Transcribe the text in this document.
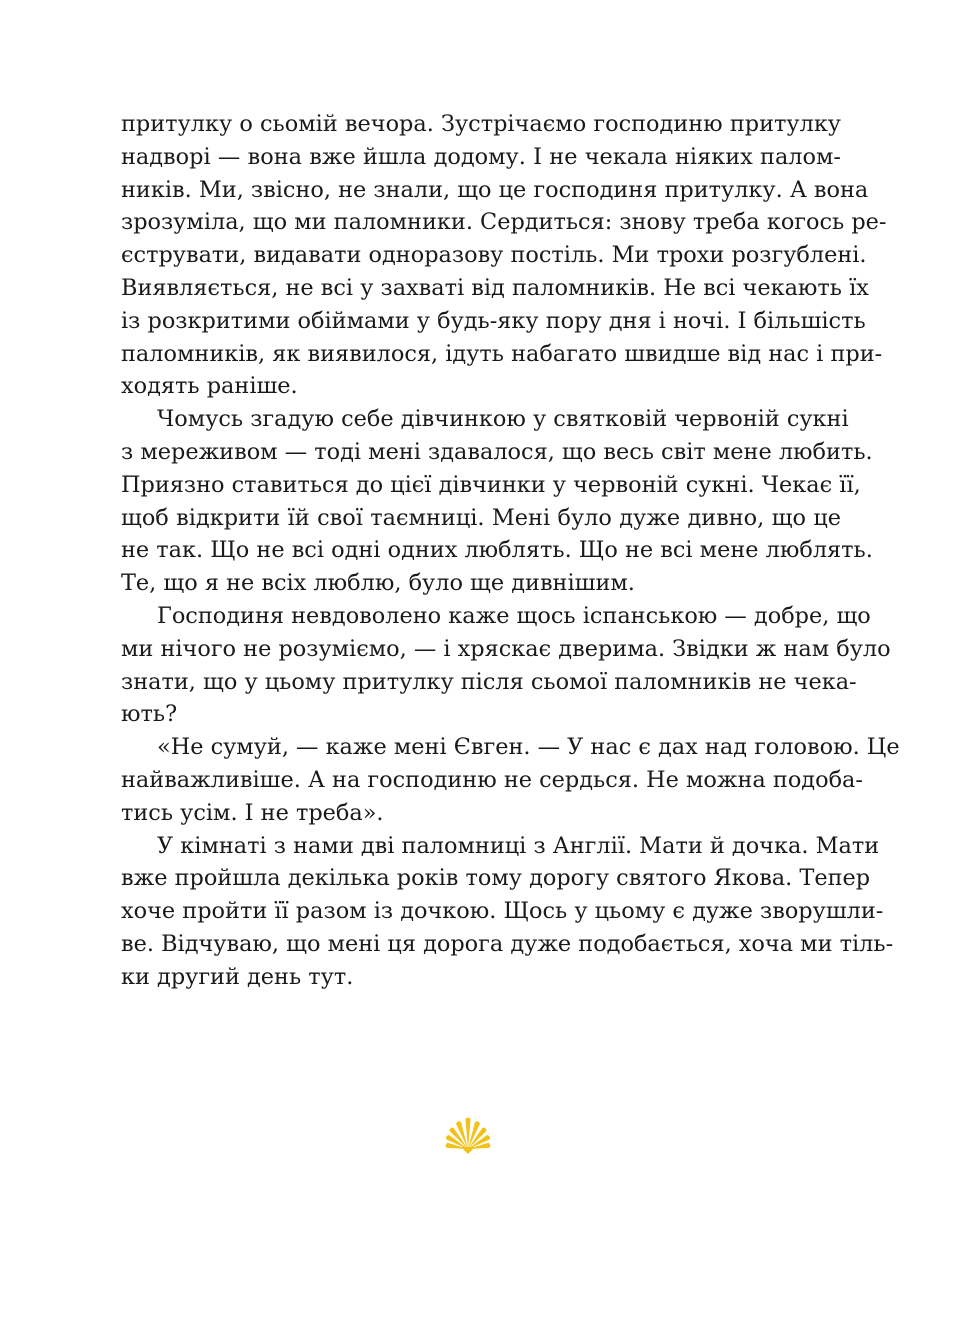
притулку о сьомій вечора. Зустрічаємо господиню притулку
надворі — вона вже йшла додому. І не чекала ніяких палом-
ників. Ми, звісно, не знали, що це господиня притулку. А вона
зрозуміла, що ми паломники. Сердиться: знову треба когось ре-
єструвати, видавати одноразову постіль. Ми трохи розгублені.
Виявляється, не всі у захваті від паломників. Не всі чекають їх
із розкритими обіймами у будь-яку пору дня і ночі. І більшість
паломників, як виявилося, ідуть набагато швидше від нас і при-
ходять раніше.
Чомусь згадую себе дівчинкою у святковій червоній сукні
з мереживом — тоді мені здавалося, що весь світ мене любить.
Приязно ставиться до цієї дівчинки у червоній сукні. Чекає її,
щоб відкрити їй свої таємниці. Мені було дуже дивно, що це
не так. Що не всі одні одних люблять. Що не всі мене люблять.
Те, що я не всіх люблю, було ще дивнішим.
Господиня невдоволено каже щось іспанською — добре, що
ми нічого не розуміємо, — і хряскає дверима. Звідки ж нам було
знати, що у цьому притулку після сьомої паломників не чека-
ють?
«Не сумуй, — каже мені Євген. — У нас є дах над головою. Це
найважливіше. А на господиню не сердься. Не можна подоба-
тись усім. І не треба».
У кімнаті з нами дві паломниці з Англії. Мати й дочка. Мати
вже пройшла декілька років тому дорогу святого Якова. Тепер
хоче пройти її разом із дочкою. Щось у цьому є дуже зворушли-
ве. Відчуваю, що мені ця дорога дуже подобається, хоча ми тіль-
ки другий день тут.
